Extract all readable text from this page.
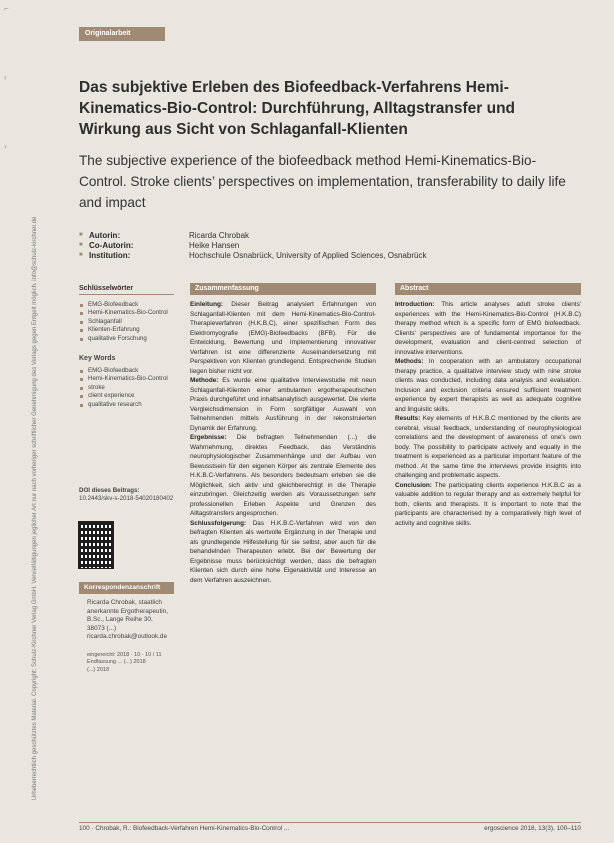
⌐
‹
›
Urheberrechtlich geschütztes Material. Copyright: Schulz-Kirchner Verlag GmbH. Vervielfältigungen jeglicher Art nur nach vorheriger schriftlicher Genehmigung des Verlags gegen Entgelt möglich. info@schulz-kirchner.de
Originalarbeit
Das subjektive Erleben des Biofeedback-Verfahrens Hemi-Kinematics-Bio-Control: Durchführung, Alltagstransfer und Wirkung aus Sicht von Schlaganfall-Klienten
The subjective experience of the biofeedback method Hemi-Kinematics-Bio-Control. Stroke clients’ perspectives on implementation, transferability to daily life and impact
■ Autorin:	Ricarda Chrobak
■ Co-Autorin:	Heike Hansen
■ Institution:	Hochschule Osnabrück, University of Applied Sciences, Osnabrück
Schlüsselwörter
EMG-Biofeedback
Hemi-Kinematics-Bio-Control
Schlaganfall
Klienten-Erfahrung
qualitative Forschung
Key Words
EMG-Biofeedback
Hemi-Kinematics-Bio-Control
stroke
client experience
qualitative research
DOI dieses Beitrags:
10.2443/skv-s-2018-54020180402
Korrespondenzanschrift
Ricarda Chrobak, staatlich anerkannte Ergotherapeutin, B.Sc., Lange Reihe 30, 38073 (...)
ricarda.chrobak@outlook.de
eingereicht: 2018 · 10 · 10 / 11
Endfassung ... (...) 2018
(...) 2018
Zusammenfassung

Einleitung: Dieser Beitrag analysiert Erfahrungen von Schlaganfall-Klienten mit dem Hemi-Kinematics-Bio-Control-Therapieverfahren (H.K.B.C), einer spezifischen Form des Elektromyografie (EMG)-Biofeedbacks (BFB). Für die Entwicklung, Bewertung und Implementierung innovativer Verfahren ist eine differenzierte Auseinandersetzung mit Perspektiven von Klienten grundlegend. Entsprechende Studien liegen bisher nicht vor.

Methode: Es wurde eine qualitative Interviewstudie mit neun Schlaganfall-Klienten einer ambulanten ergotherapeutischen Praxis durchgeführt und inhaltsanalytisch ausgewertet. Die vierte Vergleichsdimension in Form sorgfältiger Auswahl von Teilnehmenden mittels Ausführung in der rekonstruierten Dynamik der Erfahrung.

Ergebnisse: Die befragten Teilnehmenden (...) die Wahrnehmung, direktes Feedback, das Verständnis neurophysiologischer Zusammenhänge und der Aufbau von Bewusstsein für den eigenen Körper als zentrale Elemente des H.K.B.C-Verfahrens. Als besonders bedeutsam erleben sie die Möglichkeit, sich aktiv und gleichberechtigt in die Therapie einzubringen. Gleichzeitig werden als Voraussetzungen sehr professionellen Erleben Aspekte und Grenzen des Alltagstransfers angesprochen.

Schlussfolgerung: Das H.K.B.C-Verfahren wird von den befragten Klienten als wertvolle Ergänzung in der Therapie und als grundlegende Hilfestellung für sie selbst, aber auch für die behandelnden Therapeuten erlebt. Bei der Bewertung der Ergebnisse muss berücksichtigt werden, dass die befragten Klienten sich durch eine hohe Eigenaktivität und Interesse an dem Verfahren auszeichnen.

Abstract

Introduction: This article analyses adult stroke clients' experiences with the Hemi-Kinematics-Bio-Control (H.K.B.C) therapy method which is a specific form of EMG biofeedback. Clients' perspectives are of fundamental importance for the development, evaluation and client-centred selection of innovative interventions.

Methods: In cooperation with an ambulatory occupational therapy practice, a qualitative interview study with nine stroke clients was conducted, including data analysis and evaluation. Inclusion and exclusion criteria ensured sufficient treatment experience by expert therapists as well as adequate cognitive and linguistic skills.

Results: Key elements of H.K.B.C mentioned by the clients are cerebral, visual feedback, understanding of neurophysiological correlations and the development of awareness of one's own body. The possibility to participate actively and equally in the treatment is experienced as a particular important feature of the method. At the same time the interviews provide insights into challenging and problematic aspects.

Conclusion: The participating clients experience H.K.B.C as a valuable addition to regular therapy and as extremely helpful for both, clients and therapists. It is important to note that the participants are characterised by a comparatively high level of activity and cognitive skills.

100 · Chrobak, R.: Biofeedback-Verfahren Hemi-Kinematics-Bio-Control ...	ergoscience 2018, 13(3), 100–110
